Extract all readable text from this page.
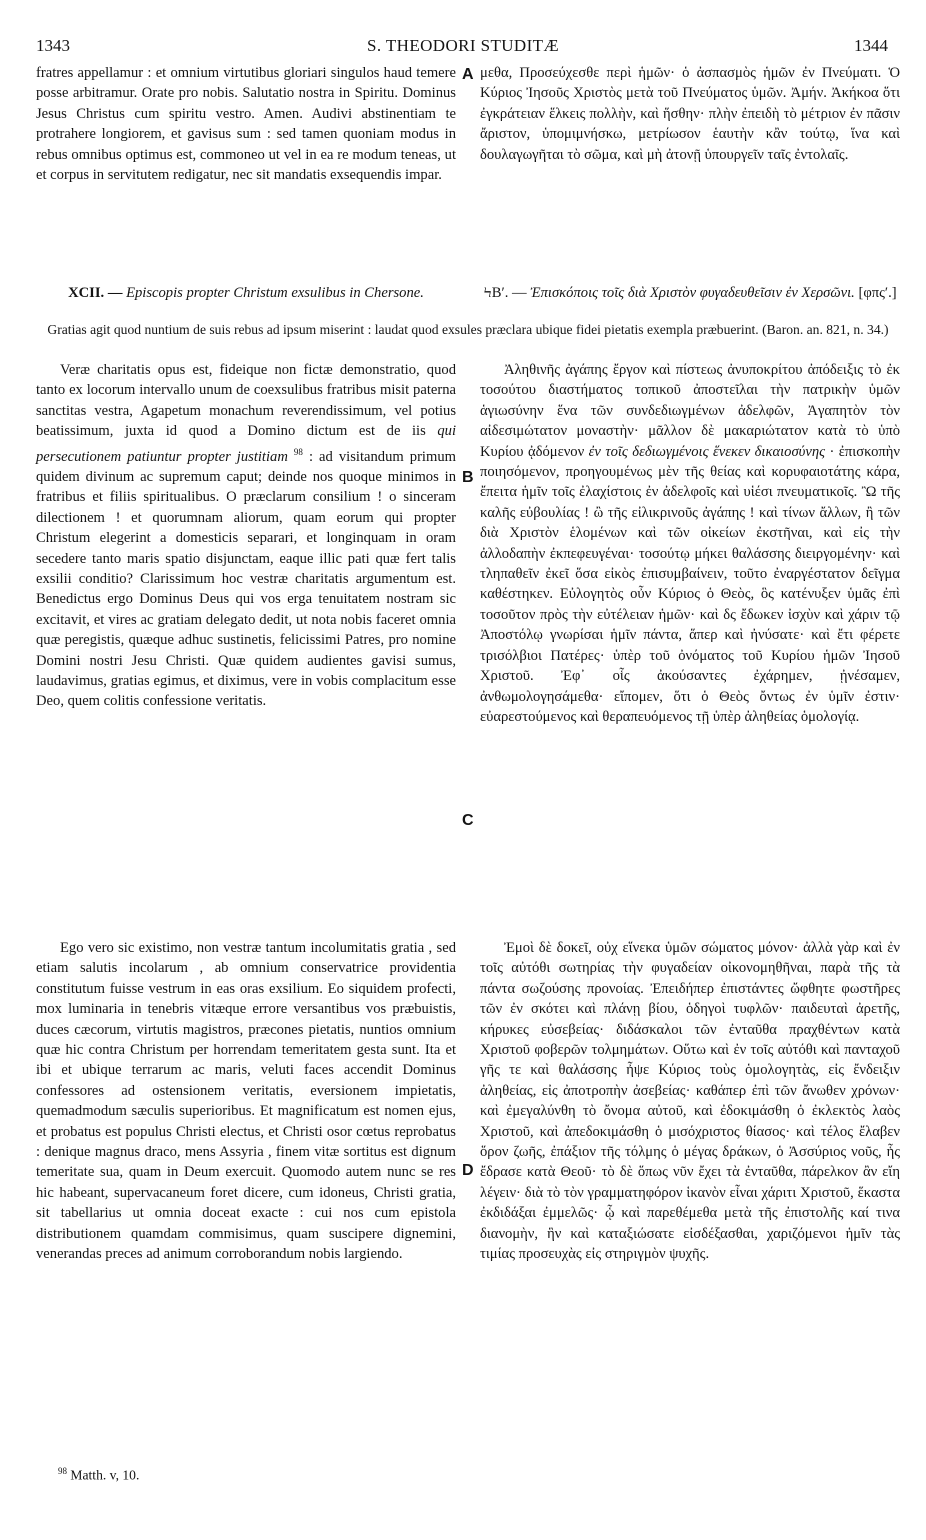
1343	S. THEODORI STUDITÆ	1344
A
B
C
D

fratres appellamur : et omnium virtutibus gloriari singulos haud temere posse arbitramur. Orate pro nobis. Salutatio nostra in Spiritu. Dominus Jesus Christus cum spiritu vestro. Amen. Audivi abstinentiam te protrahere longiorem, et gavisus sum : sed tamen quoniam modus in rebus omnibus optimus est, commoneo ut vel in ea re modum teneas, ut et corpus in servitutem redigatur, nec sit mandatis exsequendis impar.

μεθα, Προσεύχεσθε περὶ ἡμῶν· ὁ ἀσπασμὸς ἡμῶν ἐν Πνεύματι. Ὁ Κύριος Ἰησοῦς Χριστὸς μετὰ τοῦ Πνεύματος ὑμῶν. Ἀμήν. Ἀκήκοα ὅτι ἐγκράτειαν ἕλκεις πολλὴν, καὶ ἥσθην· πλὴν ἐπειδὴ τὸ μέτριον ἐν πᾶσιν ἄριστον, ὑπομιμνήσκω, μετρίωσον ἑαυτὴν κἂν τούτῳ, ἵνα καὶ δουλαγωγῆται τὸ σῶμα, καὶ μὴ ἀτονῇ ὑπουργεῖν ταῖς ἐντολαῖς.

XCII. — Episcopis propter Christum exsulibus in Chersone.	ϞΒʹ. — Ἐπισκόποις τοῖς διὰ Χριστὸν φυγαδευθεῖσιν ἐν Χερσῶνι. [φπςʹ.]
Gratias agit quod nuntium de suis rebus ad ipsum miserint : laudat quod exsules præclara ubique fidei pietatis exempla præbuerint. (Baron. an. 821, n. 34.)

Veræ charitatis opus est, fideique non fictæ demonstratio, quod tanto ex locorum intervallo unum de coexsulibus fratribus misit paterna sanctitas vestra, Agapetum monachum reverendissimum, vel potius beatissimum, juxta id quod a Domino dictum est de iis qui persecutionem patiuntur propter justitiam $^{98}$ : ad visitandum primum quidem divinum ac supremum caput; deinde nos quoque minimos in fratribus et filiis spiritualibus. O præclarum consilium ! o sinceram dilectionem ! et quorumnam aliorum, quam eorum qui propter Christum elegerint a domesticis separari, et longinquam in oram secedere tanto maris spatio disjunctam, eaque illic pati quæ fert talis exsilii conditio? Clarissimum hoc vestræ charitatis argumentum est. Benedictus ergo Dominus Deus qui vos erga tenuitatem nostram sic excitavit, et vires ac gratiam delegato dedit, ut nota nobis faceret omnia quæ peregistis, quæque adhuc sustinetis, felicissimi Patres, pro nomine Domini nostri Jesu Christi. Quæ quidem audientes gavisi sumus, laudavimus, gratias egimus, et diximus, vere in vobis complacitum esse Deo, quem colitis confessione veritatis.

Ἀληθινῆς ἀγάπης ἔργον καὶ πίστεως ἀνυποκρίτου ἀπόδειξις τὸ ἐκ τοσούτου διαστήματος τοπικοῦ ἀποστεῖλαι τὴν πατρικὴν ὑμῶν ἁγιωσύνην ἕνα τῶν συνδεδιωγμένων ἀδελφῶν, Ἀγαπητὸν τὸν αἰδεσιμώτατον μοναστὴν· μᾶλλον δὲ μακαριώτατον κατὰ τὸ ὑπὸ Κυρίου ᾀδόμενον ἐν τοῖς δεδιωγμένοις ἕνεκεν δικαιοσύνης · ἐπισκοπὴν ποιησόμενον, προηγουμένως μὲν τῆς θείας καὶ κορυφαιοτάτης κάρα, ἔπειτα ἡμῖν τοῖς ἐλαχίστοις ἐν ἀδελφοῖς καὶ υἱέσι πνευματικοῖς. Ὢ τῆς καλῆς εὐβουλίας ! ὢ τῆς εἰλικρινοῦς ἀγάπης ! καὶ τίνων ἄλλων, ἢ τῶν διὰ Χριστὸν ἑλομένων καὶ τῶν οἰκείων ἐκστῆναι, καὶ εἰς τὴν ἀλλοδαπὴν ἐκπεφευγέναι· τοσούτῳ μήκει θαλάσσης διειργομένην· καὶ τληπαθεῖν ἐκεῖ ὅσα εἰκὸς ἐπισυμβαίνειν, τοῦτο ἐναργέστατον δεῖγμα καθέστηκεν. Εὐλογητὸς οὖν Κύριος ὁ Θεὸς, ὃς κατένυξεν ὑμᾶς ἐπὶ τοσοῦτον πρὸς τὴν εὐτέλειαν ἡμῶν· καὶ δς ἔδωκεν ἰσχὺν καὶ χάριν τῷ Ἀποστόλῳ γνωρίσαι ἡμῖν πάντα, ἅπερ καὶ ἠνύσατε· καὶ ἔτι φέρετε τρισόλβιοι Πατέρες· ὑπὲρ τοῦ ὀνόματος τοῦ Κυρίου ἡμῶν Ἰησοῦ Χριστοῦ. Ἐφ᾽ οἷς ἀκούσαντες ἐχάρημεν, ᾐνέσαμεν, ἀνθωμολογησάμεθα· εἴπομεν, ὅτι ὁ Θεὸς ὄντως ἐν ὑμῖν ἐστιν· εὐαρεστούμενος καὶ θεραπευόμενος τῇ ὑπὲρ ἀληθείας ὁμολογίᾳ.

Ego vero sic existimo, non vestræ tantum incolumitatis gratia , sed etiam salutis incolarum , ab omnium conservatrice providentia constitutum fuisse vestrum in eas oras exsilium. Eo siquidem profecti, mox luminaria in tenebris vitæque errore versantibus vos præbuistis, duces cæcorum, virtutis magistros, præcones pietatis, nuntios omnium quæ hic contra Christum per horrendam temeritatem gesta sunt. Ita et ibi et ubique terrarum ac maris, veluti faces accendit Dominus confessores ad ostensionem veritatis, eversionem impietatis, quemadmodum sæculis superioribus. Et magnificatum est nomen ejus, et probatus est populus Christi electus, et Christi osor cœtus reprobatus : denique magnus draco, mens Assyria , finem vitæ sortitus est dignum temeritate sua, quam in Deum exercuit. Quomodo autem nunc se res hic habeant, supervacaneum foret dicere, cum idoneus, Christi gratia, sit tabellarius ut omnia doceat exacte : cui nos cum epistola distributionem quamdam commisimus, quam suscipere dignemini, venerandas preces ad animum corroborandum nobis largiendo.

Ἐμοὶ δὲ δοκεῖ, οὐχ εἵνεκα ὑμῶν σώματος μόνον· ἀλλὰ γὰρ καὶ ἐν τοῖς αὐτόθι σωτηρίας τὴν φυγαδείαν οἰκονομηθῆναι, παρὰ τῆς τὰ πάντα σωζούσης προνοίας. Ἐπειδήπερ ἐπιστάντες ὤφθητε φωστῆρες τῶν ἐν σκότει καὶ πλάνῃ βίου, ὁδηγοὶ τυφλῶν· παιδευταὶ ἀρετῆς, κήρυκες εὐσεβείας· διδάσκαλοι τῶν ἐνταῦθα πραχθέντων κατὰ Χριστοῦ φοβερῶν τολμημάτων. Οὕτω καὶ ἐν τοῖς αὐτόθι καὶ πανταχοῦ γῆς τε καὶ θαλάσσης ἦψε Κύριος τοὺς ὁμολογητὰς, εἰς ἔνδειξιν ἀληθείας, εἰς ἀποτροπὴν ἀσεβείας· καθάπερ ἐπὶ τῶν ἄνωθεν χρόνων· καὶ ἐμεγαλύνθη τὸ ὄνομα αὐτοῦ, καὶ ἐδοκιμάσθη ὁ ἐκλεκτὸς λαὸς Χριστοῦ, καὶ ἀπεδοκιμάσθη ὁ μισόχριστος θίασος· καὶ τέλος ἔλαβεν ὅρον ζωῆς, ἐπάξιον τῆς τόλμης ὁ μέγας δράκων, ὁ Ἀσσύριος νοῦς, ἧς ἔδρασε κατὰ Θεοῦ· τὸ δὲ ὅπως νῦν ἔχει τὰ ἐνταῦθα, πάρελκον ἂν εἴη λέγειν· διὰ τὸ τὸν γραμματηφόρον ἱκανὸν εἶναι χάριτι Χριστοῦ, ἕκαστα ἐκδιδάξαι ἐμμελῶς· ᾧ καὶ παρεθέμεθα μετὰ τῆς ἐπιστολῆς καί τινα διανομὴν, ἣν καὶ καταξιώσατε εἰσδέξασθαι, χαριζόμενοι ἡμῖν τὰς τιμίας προσευχὰς εἰς στηριγμὸν ψυχῆς.

$^{98}$ Matth. v, 10.
